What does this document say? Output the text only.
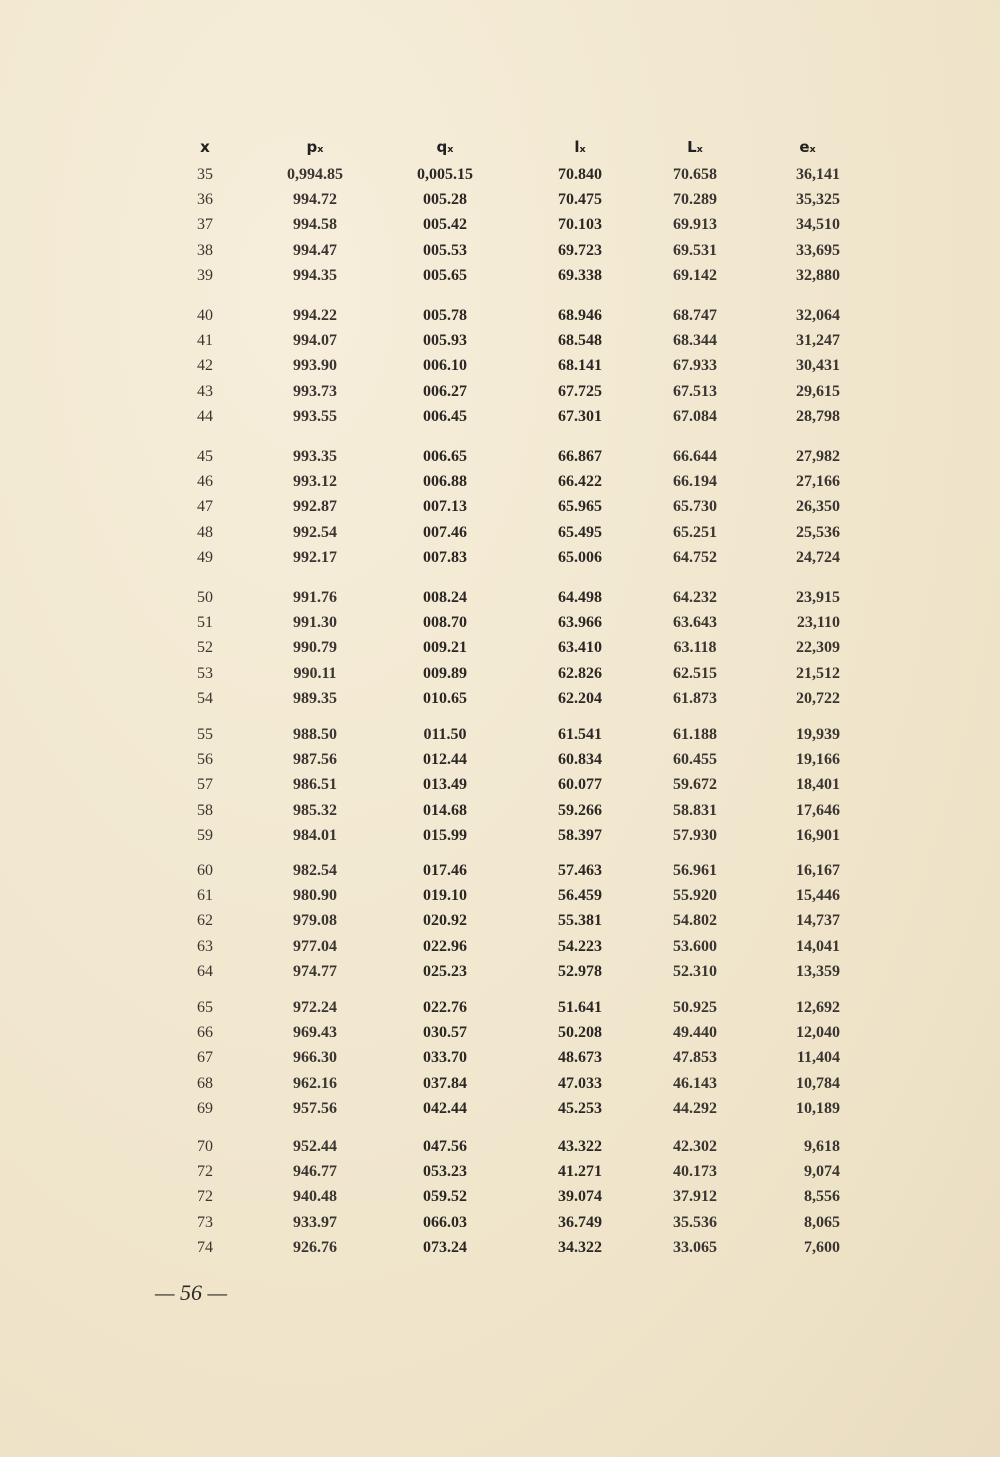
x	pₓ	qₓ	lₓ	Lₓ	eₓ
35	0,994.85	0,005.15	70.840	70.658	36,141
36	994.72	005.28	70.475	70.289	35,325
37	994.58	005.42	70.103	69.913	34,510
38	994.47	005.53	69.723	69.531	33,695
39	994.35	005.65	69.338	69.142	32,880
40	994.22	005.78	68.946	68.747	32,064
41	994.07	005.93	68.548	68.344	31,247
42	993.90	006.10	68.141	67.933	30,431
43	993.73	006.27	67.725	67.513	29,615
44	993.55	006.45	67.301	67.084	28,798
45	993.35	006.65	66.867	66.644	27,982
46	993.12	006.88	66.422	66.194	27,166
47	992.87	007.13	65.965	65.730	26,350
48	992.54	007.46	65.495	65.251	25,536
49	992.17	007.83	65.006	64.752	24,724
50	991.76	008.24	64.498	64.232	23,915
51	991.30	008.70	63.966	63.643	23,110
52	990.79	009.21	63.410	63.118	22,309
53	990.11	009.89	62.826	62.515	21,512
54	989.35	010.65	62.204	61.873	20,722
55	988.50	011.50	61.541	61.188	19,939
56	987.56	012.44	60.834	60.455	19,166
57	986.51	013.49	60.077	59.672	18,401
58	985.32	014.68	59.266	58.831	17,646
59	984.01	015.99	58.397	57.930	16,901
60	982.54	017.46	57.463	56.961	16,167
61	980.90	019.10	56.459	55.920	15,446
62	979.08	020.92	55.381	54.802	14,737
63	977.04	022.96	54.223	53.600	14,041
64	974.77	025.23	52.978	52.310	13,359
65	972.24	022.76	51.641	50.925	12,692
66	969.43	030.57	50.208	49.440	12,040
67	966.30	033.70	48.673	47.853	11,404
68	962.16	037.84	47.033	46.143	10,784
69	957.56	042.44	45.253	44.292	10,189
70	952.44	047.56	43.322	42.302	9,618
72	946.77	053.23	41.271	40.173	9,074
72	940.48	059.52	39.074	37.912	8,556
73	933.97	066.03	36.749	35.536	8,065
74	926.76	073.24	34.322	33.065	7,600
— 56 —
